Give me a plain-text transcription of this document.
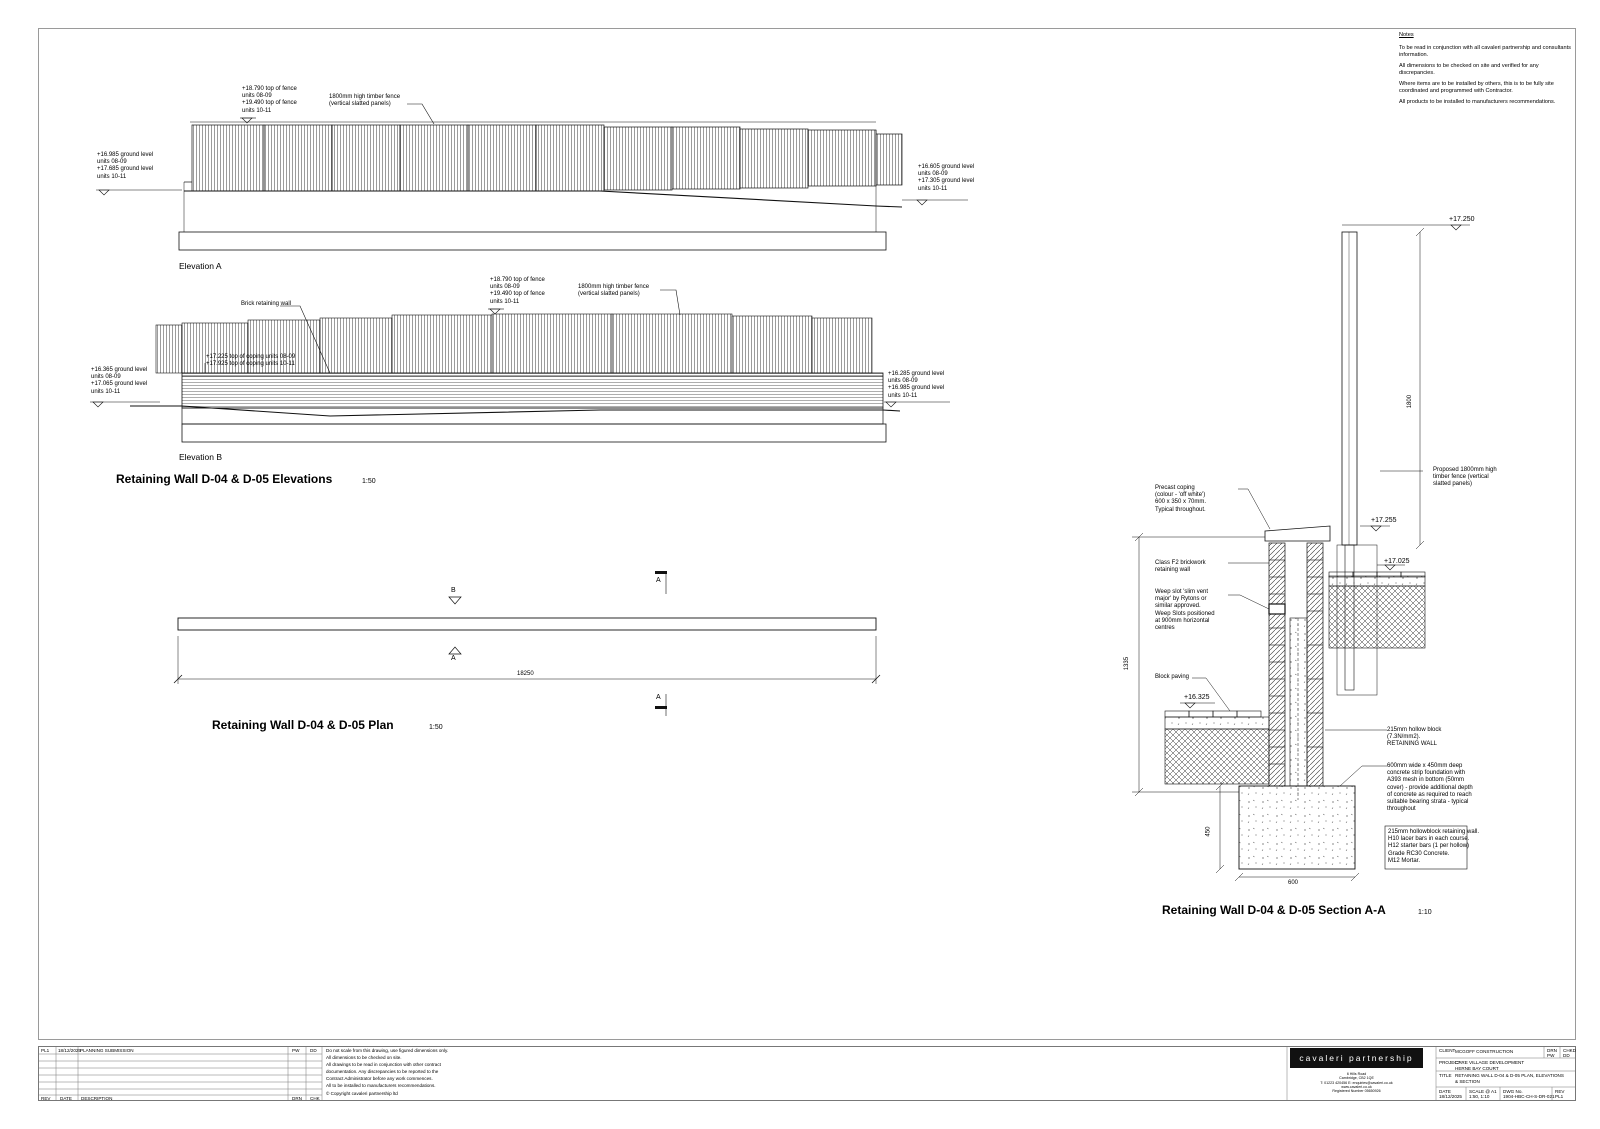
Notes

To be read in conjunction with all cavaleri partnership and consultants information.

All dimensions to be checked on site and verified for any discrepancies.

Where items are to be installed by others, this is to be fully site coordinated and programmed with Contractor.

All products to be installed to manufacturers recommendations.

+18.790 top of fence
units 08-09
+19.490 top of fence
units 10-11
1800mm high timber fence
(vertical slatted panels)
+16.985 ground level
units 08-09
+17.685 ground level
units 10-11
+16.605 ground level
units 08-09
+17.305 ground level
units 10-11
Elevation A
+18.790 top of fence
units 08-09
+19.490 top of fence
units 10-11
1800mm high timber fence
(vertical slatted panels)
Brick retaining wall
+17.225 top of coping units 08-09
+17.925 top of coping units 10-11
+16.365 ground level
units 08-09
+17.065 ground level
units 10-11
+16.285 ground level
units 08-09
+16.985 ground level
units 10-11
Elevation B
Retaining Wall D-04 & D-05 Elevations	1:50
B
A
A
A
18250
Retaining Wall D-04 & D-05 Plan	1:50
+17.250
+17.255
+17.025
+16.325
1800
1335
450
600
Precast coping
(colour - 'off white')
600 x 350 x 70mm.
Typical throughout.
Class F2 brickwork
retaining wall
Weep slot 'slim vent
major' by Rytons or
similar approved.
Weep Slots positioned
at 900mm horizontal
centres
Block paving
Proposed 1800mm high
timber fence (vertical
slatted panels)
215mm hollow block
(7.3N/mm2).
RETAINING WALL
600mm wide x 450mm deep
concrete strip foundation with
A393 mesh in bottom (50mm
cover) - provide additional depth
of concrete as required to reach
suitable bearing strata - typical
throughout
215mm hollowblock retaining wall.
H10 lacer bars in each course.
H12 starter bars (1 per hollow)
Grade RC30 Concrete.
M12 Mortar.
Retaining Wall D-04 & D-05 Section A-A	1:10
PL1 18/12/2025 PLANNING SUBMISSION	PW DD
REV DATE DESCRIPTION	DRN CHK
Do not scale from this drawing, use figured dimensions only.
All dimensions to be checked on site.
All drawings to be read in conjunction with other contract
documentation. Any discrepancies to be reported to the
Contract Administrator before any work commences.
All to be installed to manufacturers recommendations.
© Copyright cavaleri partnership ltd
CLIENT MCGOFF CONSTRUCTION	DRN CHKD
PW DD
PROJECT
CARE VILLAGE DEVELOPMENT
HERNE BAY COURT
TITLE RETAINING WALL D-04 & D-05 PLAN, ELEVATIONS
& SECTION
DATE
18/12/2025
SCALE @ A1
1:50, 1:10
DWG No.
1904-HBC-CH-S-DR-021
REV
PL1
cavaleri partnership
6 Hills Road
Cambridge, CB2 1QE
T: 01223 420456 E: enquiries@cavaleri.co.uk
www.cavaleri.co.uk
Registered Number 05650926
